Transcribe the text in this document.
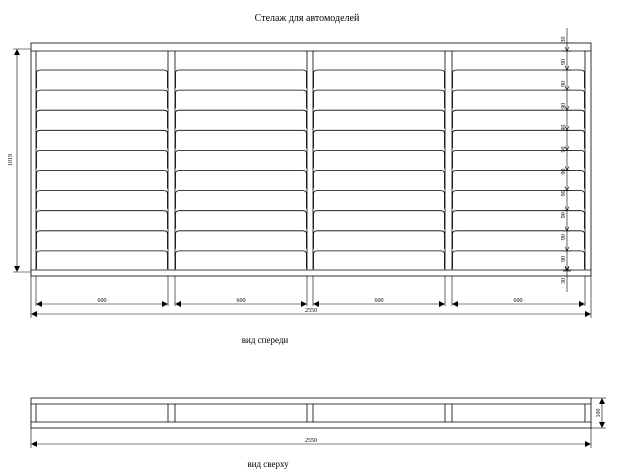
Стелаж для автомоделей
1019
30
90
90
90
90
90
90
90
90
90
90
30
600	600	600	600
2550
вид спереди
100
2550
вид сверху
